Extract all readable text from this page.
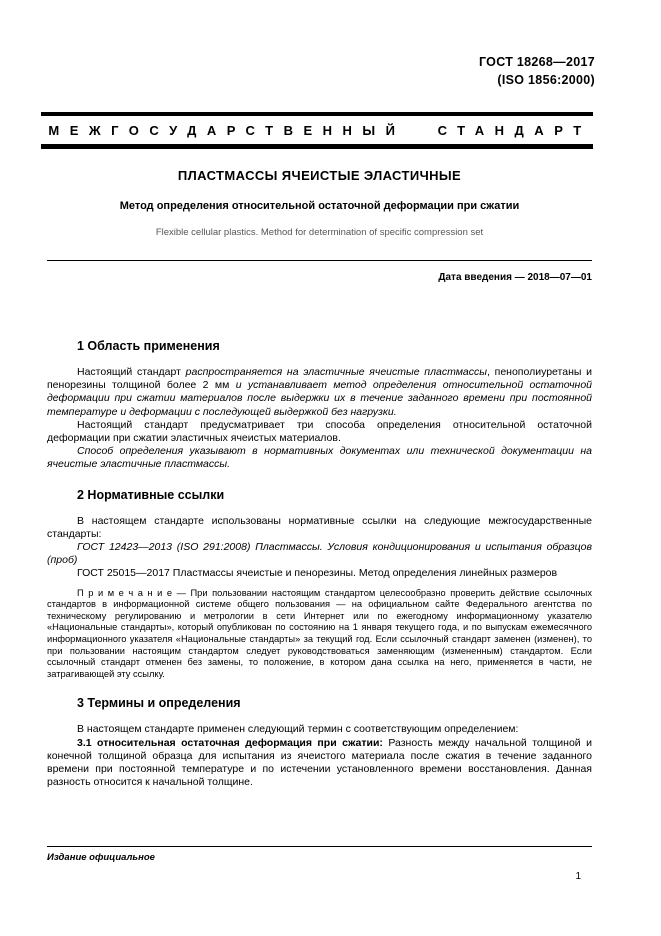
ГОСТ 18268—2017
(ISO 1856:2000)
МЕЖГОСУДАРСТВЕННЫЙ СТАНДАРТ
ПЛАСТМАССЫ ЯЧЕИСТЫЕ ЭЛАСТИЧНЫЕ
Метод определения относительной остаточной деформации при сжатии
Flexible cellular plastics. Method for determination of specific compression set
Дата введения — 2018—07—01
1 Область применения

Настоящий стандарт распространяется на эластичные ячеистые пластмассы, пенополиуретаны и пенорезины толщиной более 2 мм и устанавливает метод определения относительной остаточной деформации при сжатии материалов после выдержки их в течение заданного времени при постоянной температуре и деформации с последующей выдержкой без нагрузки.

Настоящий стандарт предусматривает три способа определения относительной остаточной деформации при сжатии эластичных ячеистых материалов.

Способ определения указывают в нормативных документах или технической документации на ячеистые эластичные пластмассы.

2 Нормативные ссылки

В настоящем стандарте использованы нормативные ссылки на следующие межгосударственные стандарты:

ГОСТ 12423—2013 (ISO 291:2008) Пластмассы. Условия кондиционирования и испытания образцов (проб)

ГОСТ 25015—2017 Пластмассы ячеистые и пенорезины. Метод определения линейных размеров

П р и м е ч а н и е — При пользовании настоящим стандартом целесообразно проверить действие ссылочных стандартов в информационной системе общего пользования — на официальном сайте Федерального агентства по техническому регулированию и метрологии в сети Интернет или по ежегодному информационному указателю «Национальные стандарты», который опубликован по состоянию на 1 января текущего года, и по выпускам ежемесячного информационного указателя «Национальные стандарты» за текущий год. Если ссылочный стандарт заменен (изменен), то при пользовании настоящим стандартом следует руководствоваться заменяющим (измененным) стандартом. Если ссылочный стандарт отменен без замены, то положение, в котором дана ссылка на него, применяется в части, не затрагивающей эту ссылку.

3 Термины и определения

В настоящем стандарте применен следующий термин с соответствующим определением:

3.1 относительная остаточная деформация при сжатии: Разность между начальной толщиной и конечной толщиной образца для испытания из ячеистого материала после сжатия в течение заданного времени при постоянной температуре и по истечении установленного времени восстановления. Данная разность относится к начальной толщине.

Издание официальное
1
